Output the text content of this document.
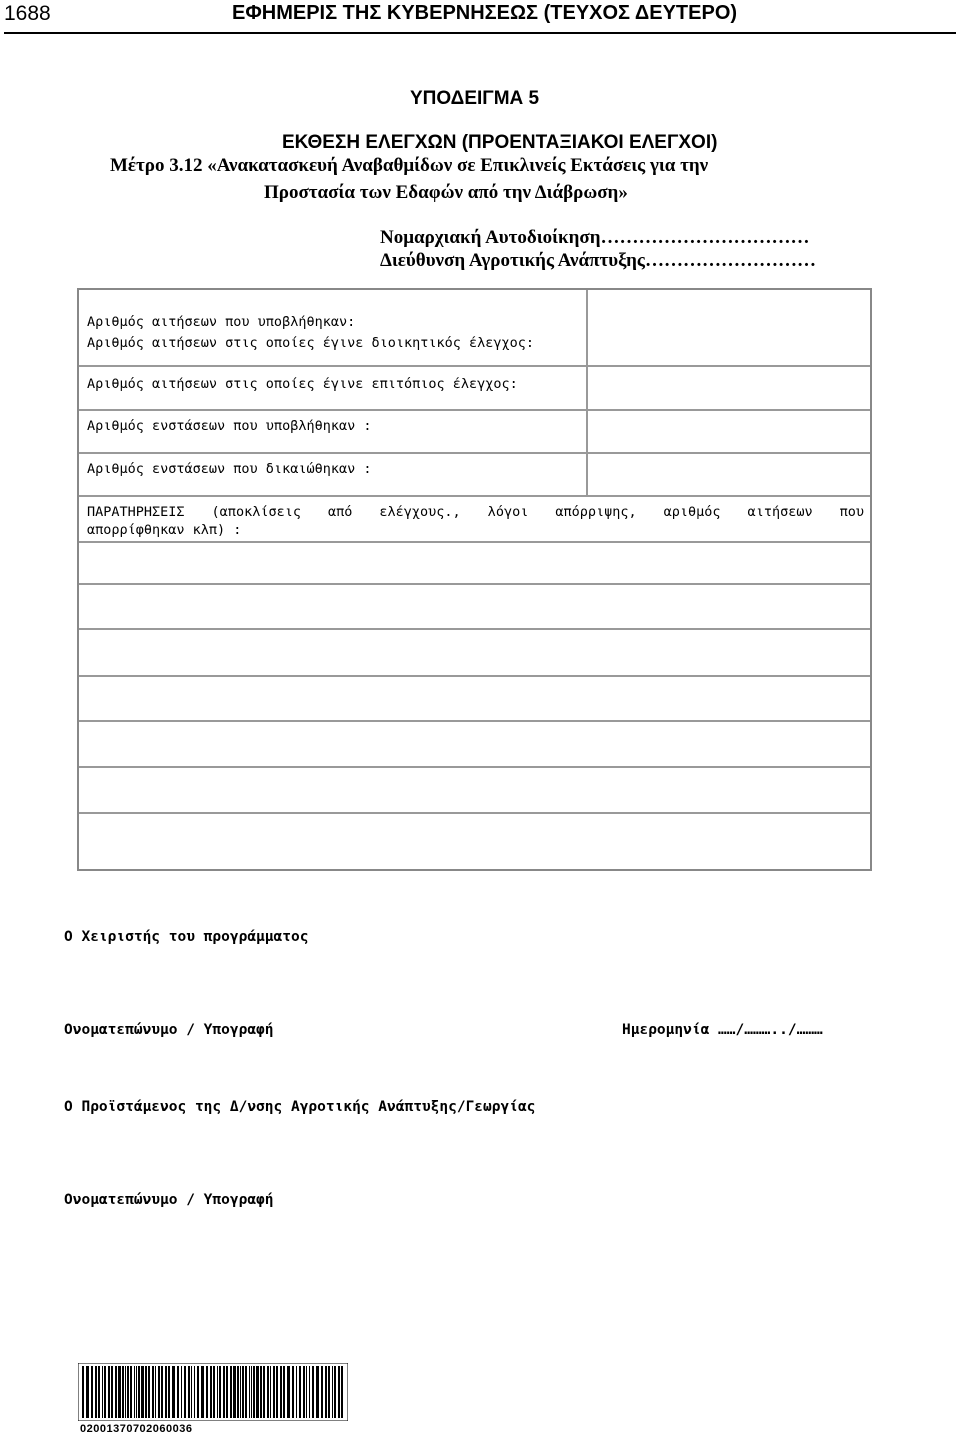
1688	ΕΦΗΜΕΡΙΣ ΤΗΣ ΚΥΒΕΡΝΗΣΕΩΣ (ΤΕΥΧΟΣ ΔΕΥΤΕΡΟ)
ΥΠΟΔΕΙΓΜΑ 5
ΕΚΘΕΣΗ ΕΛΕΓΧΩΝ (ΠΡΟΕΝΤΑΞΙΑΚΟΙ ΕΛΕΓΧΟΙ)
Μέτρο 3.12 «Ανακατασκευή Αναβαθμίδων σε Επικλινείς Εκτάσεις για την
Προστασία των Εδαφών από την Διάβρωση»
Νομαρχιακή Αυτοδιοίκηση……………………………
Διεύθυνση Αγροτικής Ανάπτυξης………………………
Αριθμός αιτήσεων που υποβλήθηκαν:
Αριθμός αιτήσεων στις οποίες έγινε διοικητικός έλεγχος:
Αριθμός αιτήσεων στις οποίες έγινε επιτόπιος έλεγχος:
Αριθμός ενστάσεων που υποβλήθηκαν :
Αριθμός ενστάσεων που δικαιώθηκαν :
ΠΑΡΑΤΗΡΗΣΕΙΣ (αποκλίσεις από ελέγχους., λόγοι απόρριψης, αριθμός αιτήσεων που
απορρίφθηκαν κλπ) :
Ο Χειριστής του προγράμματος
Ονοματεπώνυμο / Υπογραφή	Ημερομηνία ……/………../………
Ο Προϊστάμενος της Δ/νσης Αγροτικής Ανάπτυξης/Γεωργίας
Ονοματεπώνυμο / Υπογραφή
02001370702060036
